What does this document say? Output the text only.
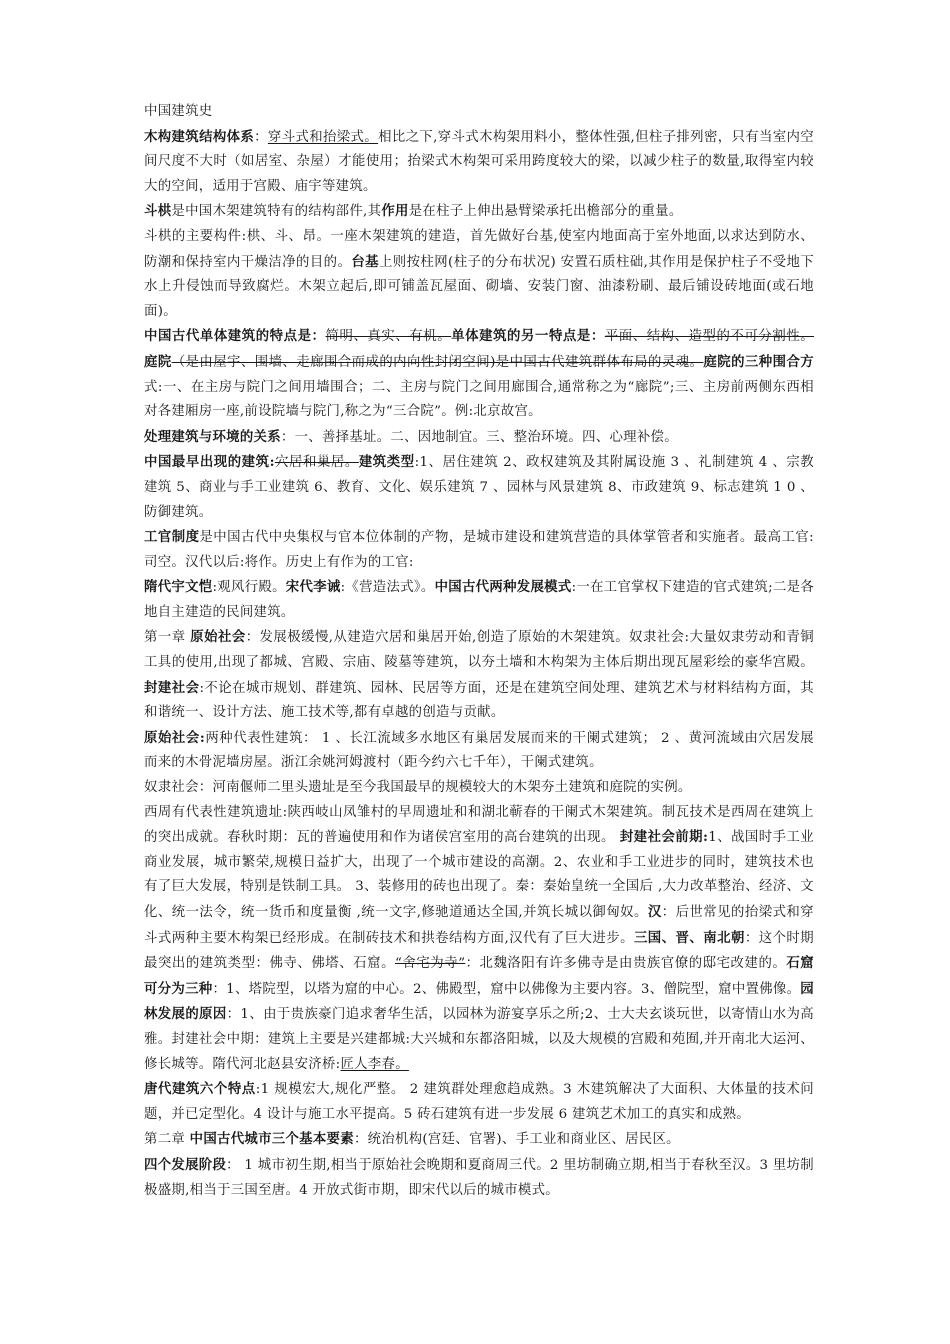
中国建筑史

木构建筑结构体系：穿斗式和抬梁式。相比之下,穿斗式木构架用料小，整体性强,但柱子排列密，只有当室内空间尺度不大时（如居室、杂屋）才能使用；抬梁式木构架可采用跨度较大的梁，以减少柱子的数量,取得室内较大的空间，适用于宫殿、庙宇等建筑。

斗栱是中国木架建筑特有的结构部件,其作用是在柱子上伸出悬臂梁承托出檐部分的重量。

斗栱的主要构件:栱、斗、昂。一座木架建筑的建造，首先做好台基,使室内地面高于室外地面,以求达到防水、防潮和保持室内干燥洁净的目的。台基上则按柱网(柱子的分布状况) 安置石质柱础,其作用是保护柱子不受地下水上升侵蚀而导致腐烂。木架立起后,即可铺盖瓦屋面、砌墙、安装门窗、油漆粉刷、最后铺设砖地面(或石地面)。

中国古代单体建筑的特点是：简明、真实、有机。单体建筑的另一特点是：平面、结构、造型的不可分割性。庭院（是由屋宇、围墙、走廊围合而成的内向性封闭空间)是中国古代建筑群体布局的灵魂。庭院的三种围合方式:一、在主房与院门之间用墙围合；二、主房与院门之间用廊围合,通常称之为“廊院”;三、主房前两侧东西相对各建厢房一座,前设院墙与院门,称之为“三合院”。例:北京故宫。

处理建筑与环境的关系：一、善择基址。二、因地制宜。三、整治环境。四、心理补偿。

中国最早出现的建筑:穴居和巢居。建筑类型:1、居住建筑 2、政权建筑及其附属设施 3 、礼制建筑 4 、宗教建筑 5、商业与手工业建筑 6、教育、文化、娱乐建筑 7 、园林与风景建筑 8、市政建筑 9、标志建筑 1 0 、防御建筑。

工官制度是中国古代中央集权与官本位体制的产物，是城市建设和建筑营造的具体掌管者和实施者。最高工官:司空。汉代以后:将作。历史上有作为的工官:

隋代宇文恺:观风行殿。宋代李诫:《营造法式》。中国古代两种发展模式:一在工官掌权下建造的官式建筑;二是各地自主建造的民间建筑。

第一章 原始社会：发展极缓慢,从建造穴居和巢居开始,创造了原始的木架建筑。奴隶社会:大量奴隶劳动和青铜工具的使用,出现了都城、宫殿、宗庙、陵墓等建筑，以夯土墙和木构架为主体后期出现瓦屋彩绘的豪华宫殿。封建社会:不论在城市规划、群建筑、园林、民居等方面，还是在建筑空间处理、建筑艺术与材料结构方面，其和谐统一、设计方法、施工技术等,都有卓越的创造与贡献。

原始社会:两种代表性建筑： 1 、长江流域多水地区有巢居发展而来的干阑式建筑； 2 、黄河流域由穴居发展而来的木骨泥墙房屋。浙江余姚河姆渡村（距今约六七千年），干阑式建筑。

奴隶社会：河南偃师二里头遗址是至今我国最早的规模较大的木架夯土建筑和庭院的实例。

西周有代表性建筑遗址:陕西岐山凤雏村的早周遗址和和湖北蕲春的干阑式木架建筑。制瓦技术是西周在建筑上的突出成就。春秋时期：瓦的普遍使用和作为诸侯宫室用的高台建筑的出现。 封建社会前期:1、战国时手工业商业发展，城市繁荣,规模日益扩大，出现了一个城市建设的高潮。2、农业和手工业进步的同时，建筑技术也有了巨大发展，特别是铁制工具。 3、装修用的砖也出现了。秦：秦始皇统一全国后 ,大力改革整治、经济、文化、统一法令，统一货币和度量衡 ,统一文字,修驰道通达全国,并筑长城以御匈奴。汉：后世常见的抬梁式和穿斗式两种主要木构架已经形成。在制砖技术和拱卷结构方面,汉代有了巨大进步。三国、晋、南北朝：这个时期最突出的建筑类型：佛寺、佛塔、石窟。“舍宅为寺”：北魏洛阳有许多佛寺是由贵族官僚的邸宅改建的。石窟可分为三种：1、塔院型，以塔为窟的中心。2、佛殿型，窟中以佛像为主要内容。3、僧院型，窟中置佛像。园林发展的原因：1、由于贵族豪门追求奢华生活，以园林为游宴享乐之所;2、士大夫玄谈玩世，以寄情山水为高雅。封建社会中期：建筑上主要是兴建都城:大兴城和东都洛阳城，以及大规模的宫殿和苑囿,并开南北大运河、修长城等。隋代河北赵县安济桥:匠人李春。

唐代建筑六个特点:1 规模宏大,规化严整。 2 建筑群处理愈趋成熟。3 木建筑解决了大面积、大体量的技术问题，并已定型化。4 设计与施工水平提高。5 砖石建筑有进一步发展 6 建筑艺术加工的真实和成熟。

第二章 中国古代城市三个基本要素：统治机构(宫廷、官署)、手工业和商业区、居民区。

四个发展阶段： 1 城市初生期,相当于原始社会晚期和夏商周三代。2 里坊制确立期,相当于春秋至汉。3 里坊制极盛期,相当于三国至唐。4 开放式街市期，即宋代以后的城市模式。
